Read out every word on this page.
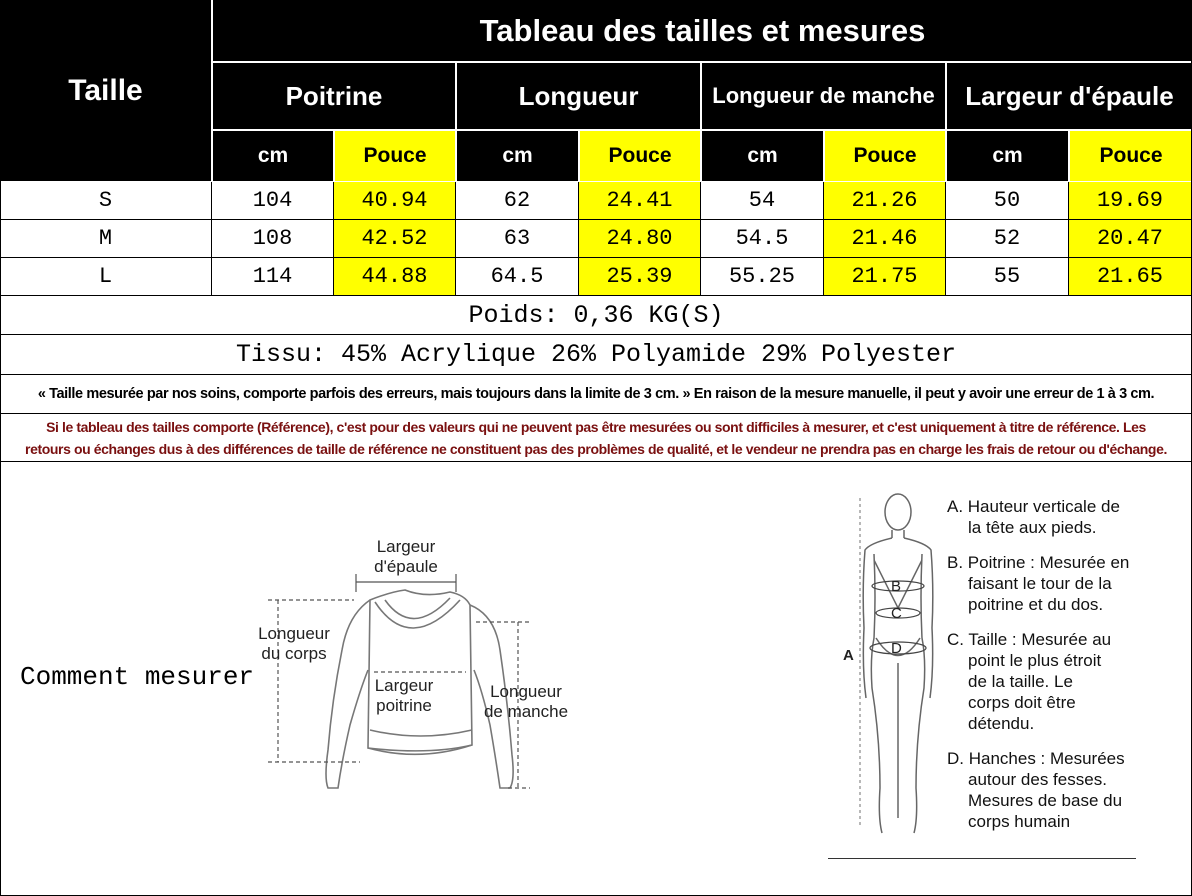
Taille
Tableau des tailles et mesures
Poitrine	Longueur	Longueur de manche	Largeur d'épaule
cm	Pouce	cm	Pouce	cm	Pouce	cm	Pouce
S	104	40.94	62	24.41	54	21.26	50	19.69
M	108	42.52	63	24.80	54.5	21.46	52	20.47
L	114	44.88	64.5	25.39	55.25	21.75	55	21.65
Poids: 0,36 KG(S)
Tissu: 45% Acrylique 26% Polyamide 29% Polyester
« Taille mesurée par nos soins, comporte parfois des erreurs, mais toujours dans la limite de 3 cm. » En raison de la mesure manuelle, il peut y avoir une erreur de 1 à 3 cm.
Si le tableau des tailles comporte (Référence), c'est pour des valeurs qui ne peuvent pas être mesurées ou sont difficiles à mesurer, et c'est uniquement à titre de référence. Les
retours ou échanges dus à des différences de taille de référence ne constituent pas des problèmes de qualité, et le vendeur ne prendra pas en charge les frais de retour ou d'échange.
Comment mesurer
Largeur
d'épaule
Longueur
du corps
Largeur
poitrine
Longueur
de manche
B
C
D
A
A. Hauteur verticale de
la tête aux pieds.
B. Poitrine : Mesurée en
faisant le tour de la
poitrine et du dos.
C. Taille : Mesurée au
point le plus étroit
de la taille. Le
corps doit être
détendu.
D. Hanches : Mesurées
autour des fesses.
Mesures de base du
corps humain
